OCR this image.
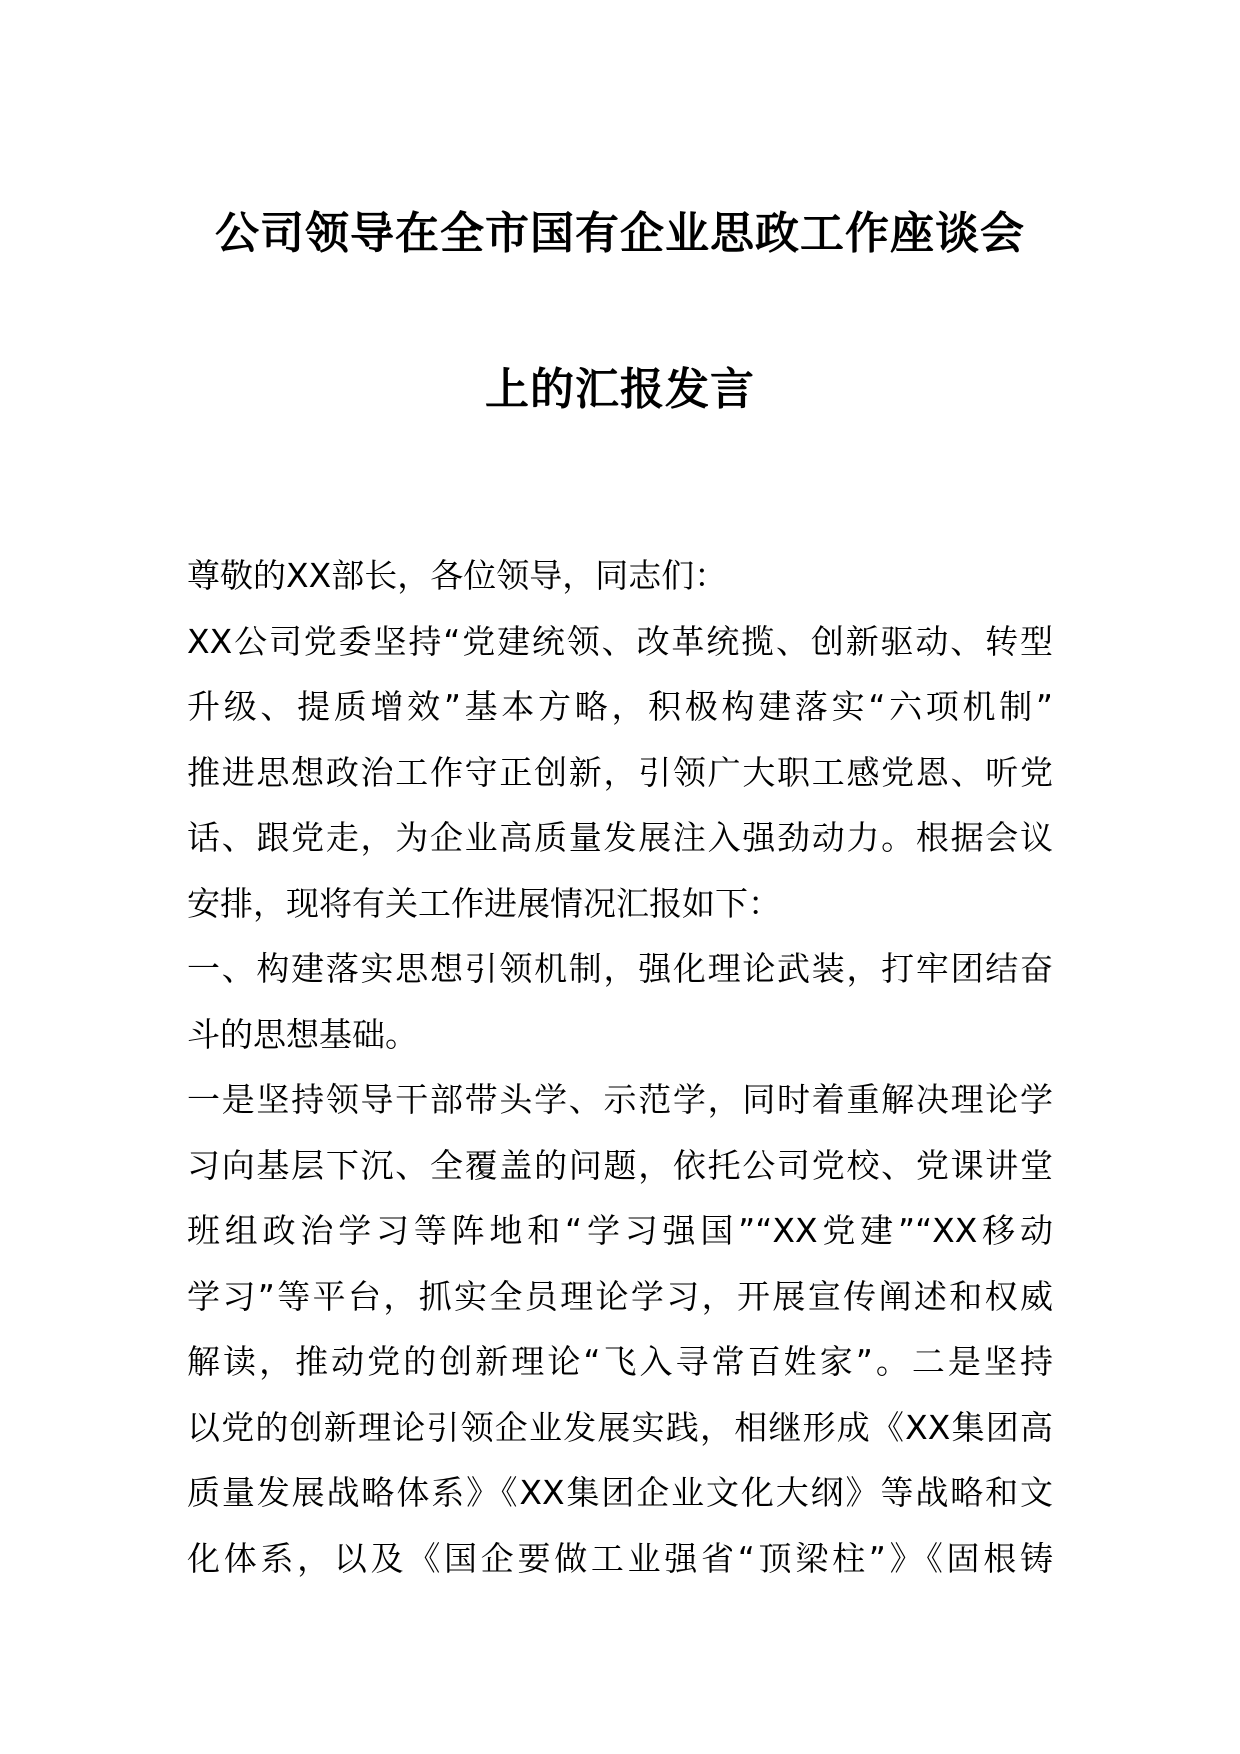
公司领导在全市国有企业思政工作座谈会
上的汇报发言
尊敬的XX部长，各位领导，同志们：
XX公司党委坚持“党建统领、改革统揽、创新驱动、转型
升级、提质增效”基本方略，积极构建落实“六项机制”
推进思想政治工作守正创新，引领广大职工感党恩、听党
话、跟党走，为企业高质量发展注入强劲动力。根据会议
安排，现将有关工作进展情况汇报如下：
一、构建落实思想引领机制，强化理论武装，打牢团结奋
斗的思想基础。
一是坚持领导干部带头学、示范学，同时着重解决理论学
习向基层下沉、全覆盖的问题，依托公司党校、党课讲堂
班组政治学习等阵地和“学习强国”“XX党建”“XX移动
学习”等平台，抓实全员理论学习，开展宣传阐述和权威
解读，推动党的创新理论“飞入寻常百姓家”。二是坚持
以党的创新理论引领企业发展实践，相继形成《XX集团高
质量发展战略体系》《XX集团企业文化大纲》等战略和文
化体系，以及《国企要做工业强省“顶梁柱”》《固根铸
